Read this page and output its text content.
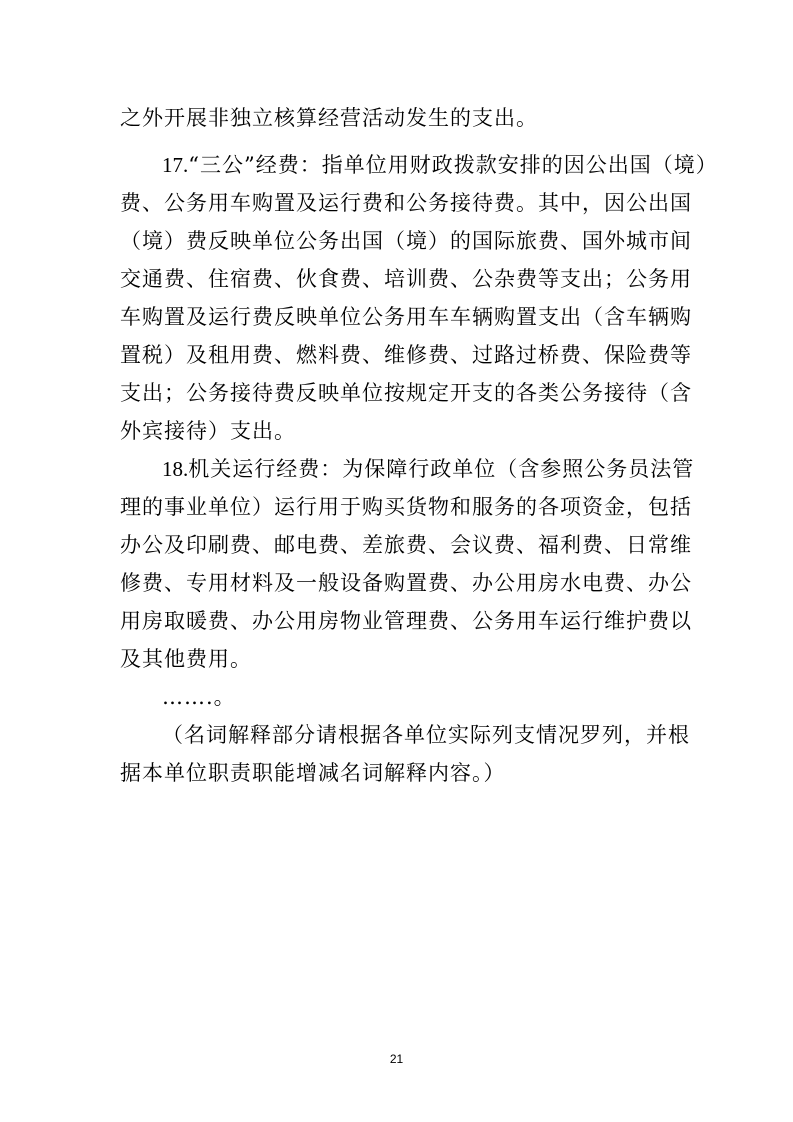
之外开展非独立核算经营活动发生的支出。
17.“三公”经费：指单位用财政拨款安排的因公出国（境）
费、公务用车购置及运行费和公务接待费。其中，因公出国
（境）费反映单位公务出国（境）的国际旅费、国外城市间
交通费、住宿费、伙食费、培训费、公杂费等支出；公务用
车购置及运行费反映单位公务用车车辆购置支出（含车辆购
置税）及租用费、燃料费、维修费、过路过桥费、保险费等
支出；公务接待费反映单位按规定开支的各类公务接待（含
外宾接待）支出。
18.机关运行经费：为保障行政单位（含参照公务员法管
理的事业单位）运行用于购买货物和服务的各项资金，包括
办公及印刷费、邮电费、差旅费、会议费、福利费、日常维
修费、专用材料及一般设备购置费、办公用房水电费、办公
用房取暖费、办公用房物业管理费、公务用车运行维护费以
及其他费用。
…….。
（名词解释部分请根据各单位实际列支情况罗列，并根
据本单位职责职能增减名词解释内容。）
21
